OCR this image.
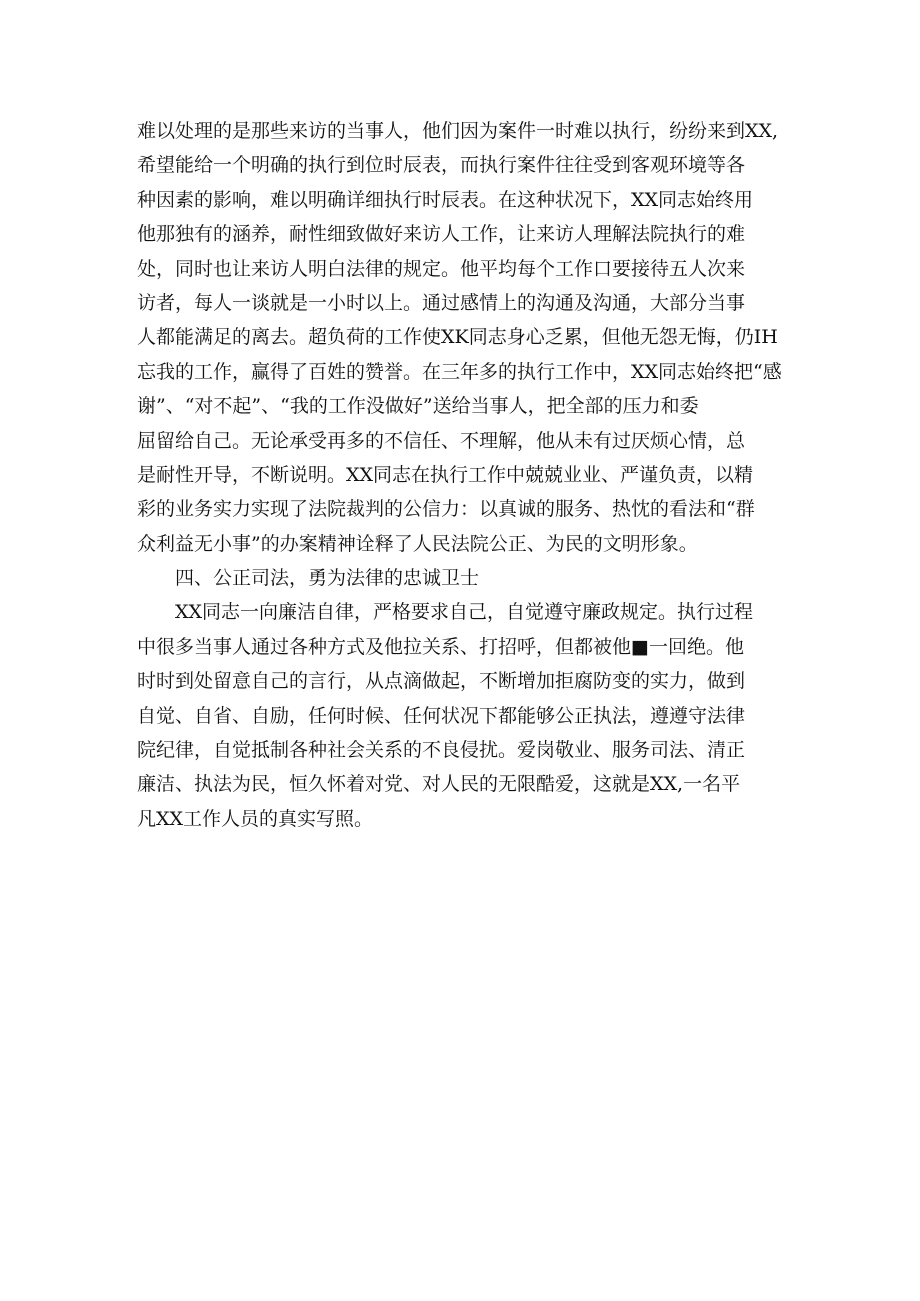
难以处理的是那些来访的当事人，他们因为案件一时难以执行，纷纷来到XX,
希望能给一个明确的执行到位时辰表，而执行案件往往受到客观环境等各
种因素的影响，难以明确详细执行时辰表。在这种状况下，XX同志始终用
他那独有的涵养，耐性细致做好来访人工作，让来访人理解法院执行的难
处，同时也让来访人明白法律的规定。他平均每个工作口要接待五人次来
访者，每人一谈就是一小时以上。通过感情上的沟通及沟通，大部分当事
人都能满足的离去。超负荷的工作使XK同志身心乏累，但他无怨无悔，仍IH
忘我的工作，赢得了百姓的赞誉。在三年多的执行工作中，XX同志始终把“感
谢”、“对不起”、“我的工作没做好”送给当事人，把全部的压力和委
屈留给自己。无论承受再多的不信任、不理解，他从未有过厌烦心情，总
是耐性开导，不断说明。XX同志在执行工作中兢兢业业、严谨负责，以精
彩的业务实力实现了法院裁判的公信力：以真诚的服务、热忱的看法和“群
众利益无小事”的办案精神诠释了人民法院公正、为民的文明形象。
四、公正司法，勇为法律的忠诚卫士
XX同志一向廉洁自律，严格要求自己，自觉遵守廉政规定。执行过程
中很多当事人通过各种方式及他拉关系、打招呼，但都被他■一回绝。他
时时到处留意自己的言行，从点滴做起，不断增加拒腐防变的实力，做到
自觉、自省、自励，任何时候、任何状况下都能够公正执法，遵遵守法律
院纪律，自觉抵制各种社会关系的不良侵扰。爱岗敬业、服务司法、清正
廉洁、执法为民，恒久怀着对党、对人民的无限酷爱，这就是XX,一名平
凡XX工作人员的真实写照。
